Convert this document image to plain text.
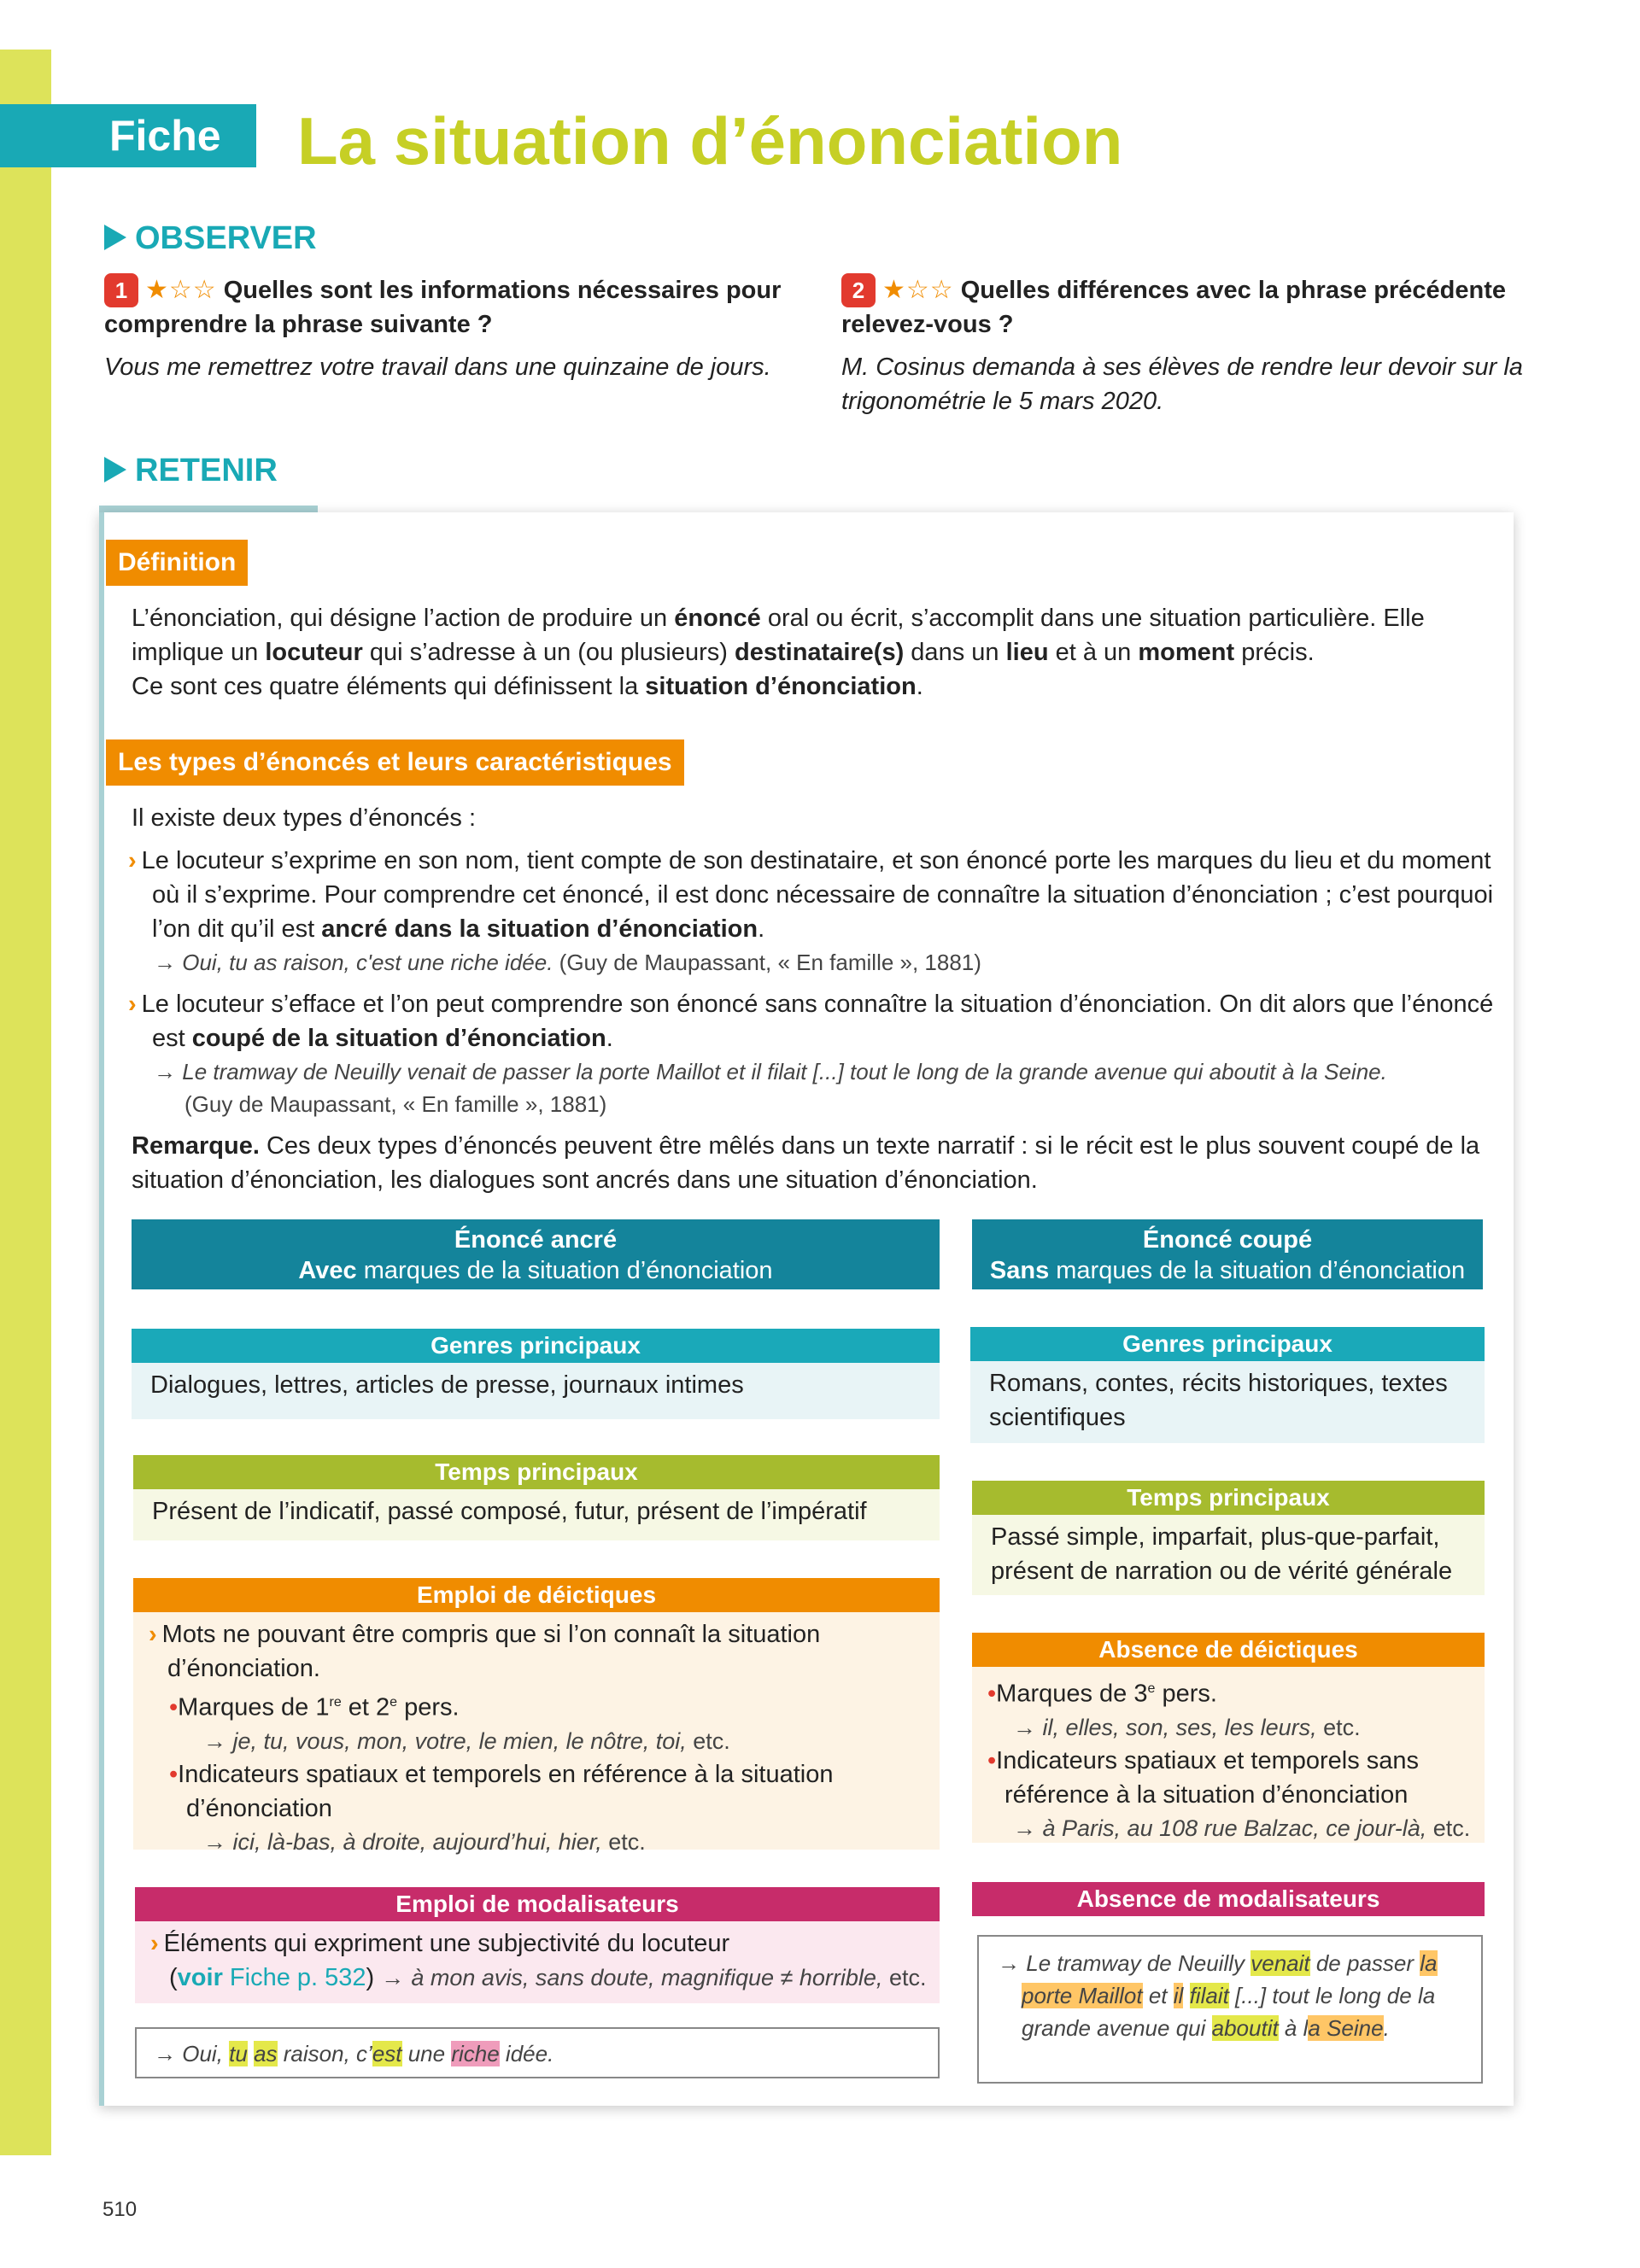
Fiche 1
La situation d’énonciation
OBSERVER
1 ★☆☆ Quelles sont les informations nécessaires pour comprendre la phrase suivante ?
Vous me remettrez votre travail dans une quinzaine de jours.
2 ★☆☆ Quelles différences avec la phrase précédente relevez-vous ?
M. Cosinus demanda à ses élèves de rendre leur devoir sur la trigonométrie le 5 mars 2020.
RETENIR
Définition
L’énonciation, qui désigne l’action de produire un énoncé oral ou écrit, s’accomplit dans une situation particulière. Elle implique un locuteur qui s’adresse à un (ou plusieurs) destinataire(s) dans un lieu et à un moment précis.
Ce sont ces quatre éléments qui définissent la situation d’énonciation.
Les types d’énoncés et leurs caractéristiques
Il existe deux types d’énoncés :
› Le locuteur s’exprime en son nom, tient compte de son destinataire, et son énoncé porte les marques du lieu et du moment où il s’exprime. Pour comprendre cet énoncé, il est donc nécessaire de connaître la situation d’énonciation ; c’est pourquoi l’on dit qu’il est ancré dans la situation d’énonciation.
→ Oui, tu as raison, c'est une riche idée. (Guy de Maupassant, « En famille », 1881)
› Le locuteur s’efface et l’on peut comprendre son énoncé sans connaître la situation d’énonciation. On dit alors que l’énoncé est coupé de la situation d’énonciation.
→ Le tramway de Neuilly venait de passer la porte Maillot et il filait [...] tout le long de la grande avenue qui aboutit à la Seine.
(Guy de Maupassant, « En famille », 1881)
Remarque. Ces deux types d’énoncés peuvent être mêlés dans un texte narratif : si le récit est le plus souvent coupé de la situation d’énonciation, les dialogues sont ancrés dans une situation d’énonciation.
Énoncé ancré
Avec marques de la situation d’énonciation
Genres principaux
Dialogues, lettres, articles de presse, journaux intimes
Temps principaux
Présent de l’indicatif, passé composé, futur, présent de l’impératif
Emploi de déictiques
› Mots ne pouvant être compris que si l’on connaît la situation d’énonciation.
•Marques de 1re et 2e pers.
→ je, tu, vous, mon, votre, le mien, le nôtre, toi, etc.
•Indicateurs spatiaux et temporels en référence à la situation d’énonciation
→ ici, là-bas, à droite, aujourd’hui, hier, etc.
Emploi de modalisateurs
› Éléments qui expriment une subjectivité du locuteur
(voir Fiche p. 532) → à mon avis, sans doute, magnifique ≠ horrible, etc.
→ Oui, tu as raison, c’est une riche idée.
Énoncé coupé
Sans marques de la situation d’énonciation
Genres principaux
Romans, contes, récits historiques, textes scientifiques
Temps principaux
Passé simple, imparfait, plus-que-parfait, présent de narration ou de vérité générale
Absence de déictiques
•Marques de 3e pers.
→ il, elles, son, ses, les leurs, etc.
•Indicateurs spatiaux et temporels sans référence à la situation d’énonciation
→ à Paris, au 108 rue Balzac, ce jour-là, etc.
Absence de modalisateurs
→ Le tramway de Neuilly venait de passer la porte Maillot et il filait [...] tout le long de la grande avenue qui aboutit à la Seine.
510
